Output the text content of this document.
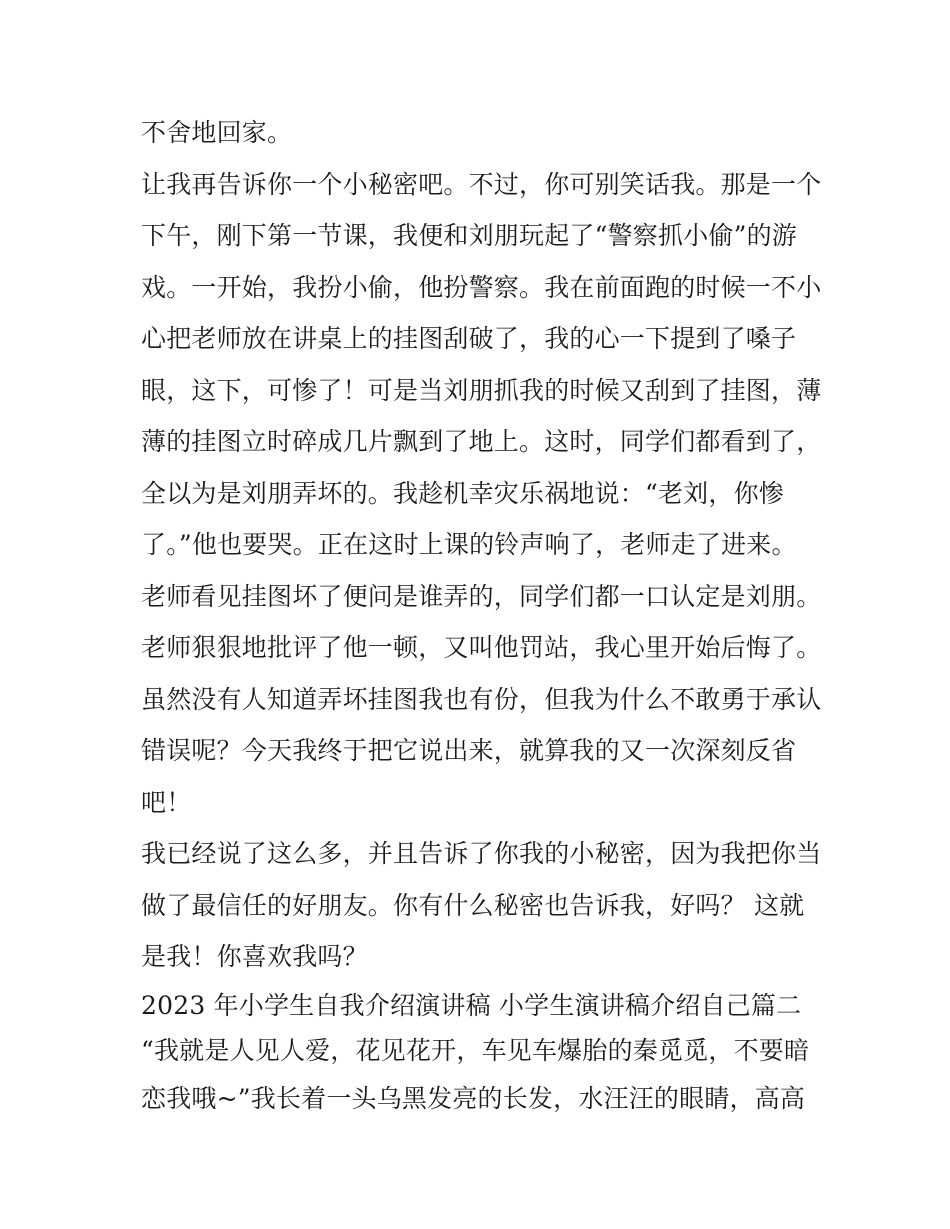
不舍地回家。
让我再告诉你一个小秘密吧。不过，你可别笑话我。那是一个
下午，刚下第一节课，我便和刘朋玩起了“警察抓小偷”的游
戏。一开始，我扮小偷，他扮警察。我在前面跑的时候一不小
心把老师放在讲桌上的挂图刮破了，我的心一下提到了嗓子
眼，这下，可惨了！可是当刘朋抓我的时候又刮到了挂图，薄
薄的挂图立时碎成几片飘到了地上。这时，同学们都看到了，
全以为是刘朋弄坏的。我趁机幸灾乐祸地说：“老刘，你惨
了。”他也要哭。正在这时上课的铃声响了，老师走了进来。
老师看见挂图坏了便问是谁弄的，同学们都一口认定是刘朋。
老师狠狠地批评了他一顿，又叫他罚站，我心里开始后悔了。
虽然没有人知道弄坏挂图我也有份，但我为什么不敢勇于承认
错误呢？今天我终于把它说出来，就算我的又一次深刻反省
吧！
我已经说了这么多，并且告诉了你我的小秘密，因为我把你当
做了最信任的好朋友。你有什么秘密也告诉我，好吗？ 这就
是我！你喜欢我吗？
2023 年小学生自我介绍演讲稿 小学生演讲稿介绍自己篇二
“我就是人见人爱，花见花开，车见车爆胎的秦觅觅，不要暗
恋我哦~”我长着一头乌黑发亮的长发，水汪汪的眼睛，高高
